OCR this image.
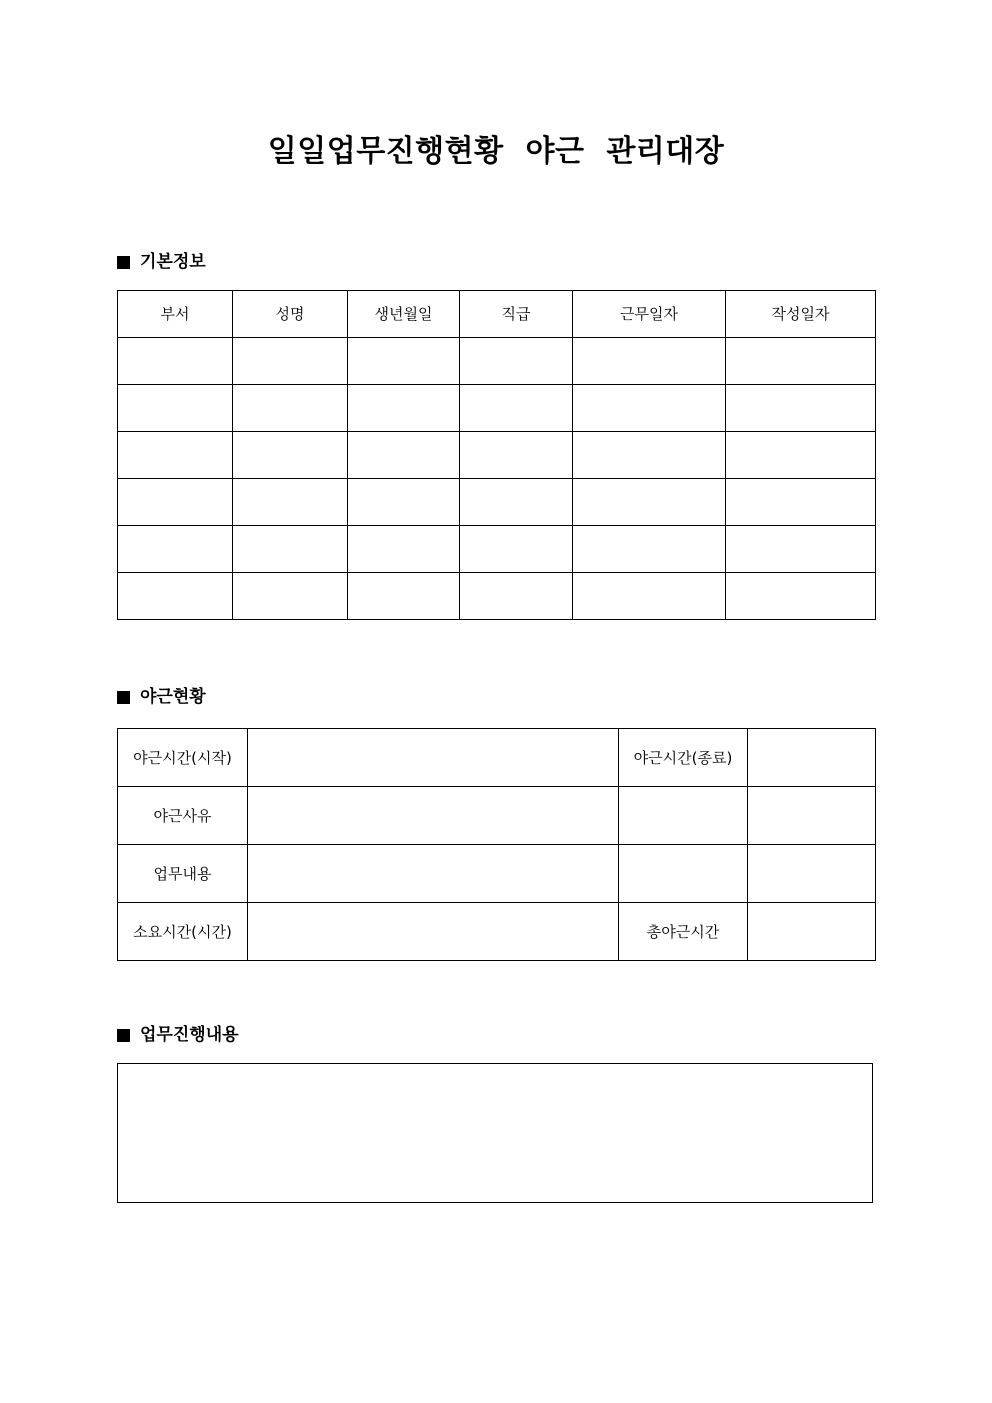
일일업무진행현황  야근  관리대장
기본정보
부서	성명	생년월일	직급	근무일자	작성일자

야근현황
야근시간(시작)		야근시간(종료)	
야근사유			
업무내용			
소요시간(시간)		총야근시간	
업무진행내용
